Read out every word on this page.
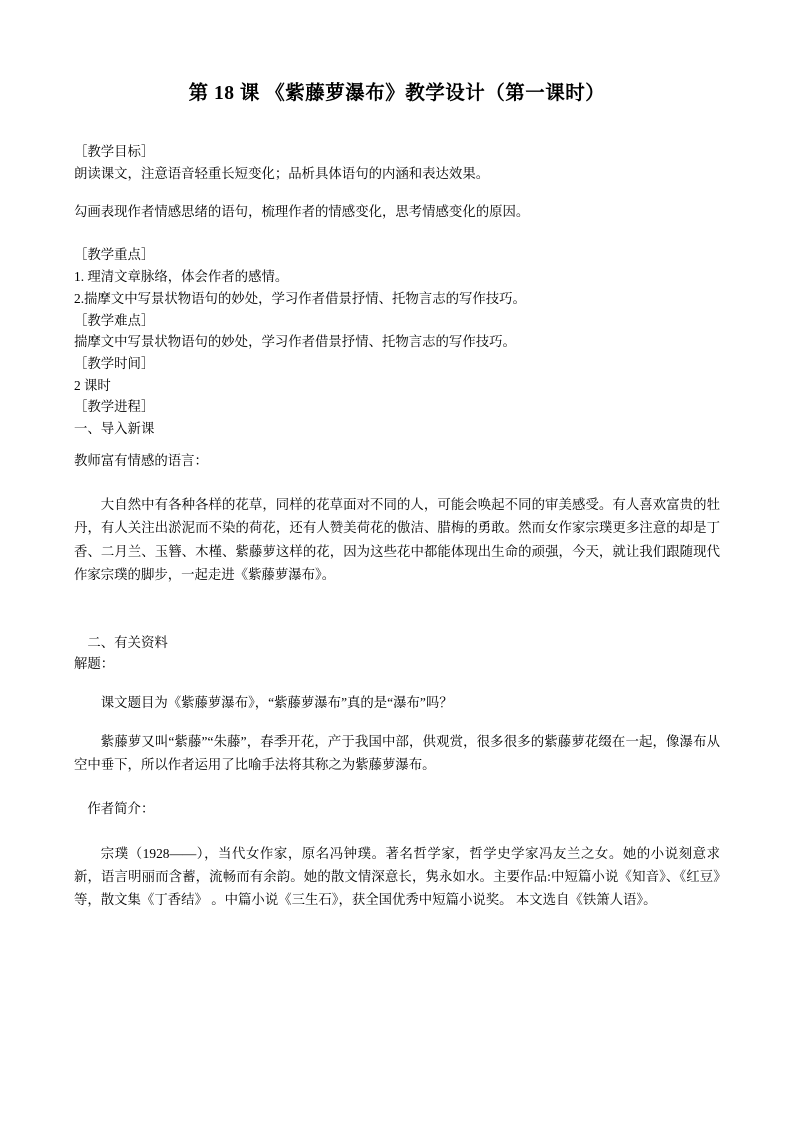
第 18 课 《紫藤萝瀑布》教学设计（第一课时）
［教学目标］
朗读课文，注意语音轻重长短变化；品析具体语句的内涵和表达效果。
勾画表现作者情感思绪的语句，梳理作者的情感变化，思考情感变化的原因。
［教学重点］
1. 理清文章脉络，体会作者的感情。
2.揣摩文中写景状物语句的妙处，学习作者借景抒情、托物言志的写作技巧。
［教学难点］
揣摩文中写景状物语句的妙处，学习作者借景抒情、托物言志的写作技巧。
［教学时间］
2 课时
［教学进程］
一、导入新课
教师富有情感的语言：

大自然中有各种各样的花草，同样的花草面对不同的人，可能会唤起不同的审美感受。有人喜欢富贵的牡丹，有人关注出淤泥而不染的荷花，还有人赞美荷花的傲洁、腊梅的勇敢。然而女作家宗璞更多注意的却是丁香、二月兰、玉簪、木槿、紫藤萝这样的花，因为这些花中都能体现出生命的顽强，今天，就让我们跟随现代作家宗璞的脚步，一起走进《紫藤萝瀑布》。

二、有关资料
解题：

课文题目为《紫藤萝瀑布》，“紫藤萝瀑布”真的是“瀑布”吗？

紫藤萝又叫“紫藤”“朱藤”，春季开花，产于我国中部，供观赏，很多很多的紫藤萝花缀在一起，像瀑布从空中垂下，所以作者运用了比喻手法将其称之为紫藤萝瀑布。

作者简介：

宗璞（1928——），当代女作家，原名冯钟璞。著名哲学家，哲学史学家冯友兰之女。她的小说刻意求新，语言明丽而含蓄，流畅而有余韵。她的散文情深意长，隽永如水。主要作品:中短篇小说《知音》、《红豆》等，散文集《丁香结》 。中篇小说《三生石》，获全国优秀中短篇小说奖。 本文选自《铁箫人语》。
